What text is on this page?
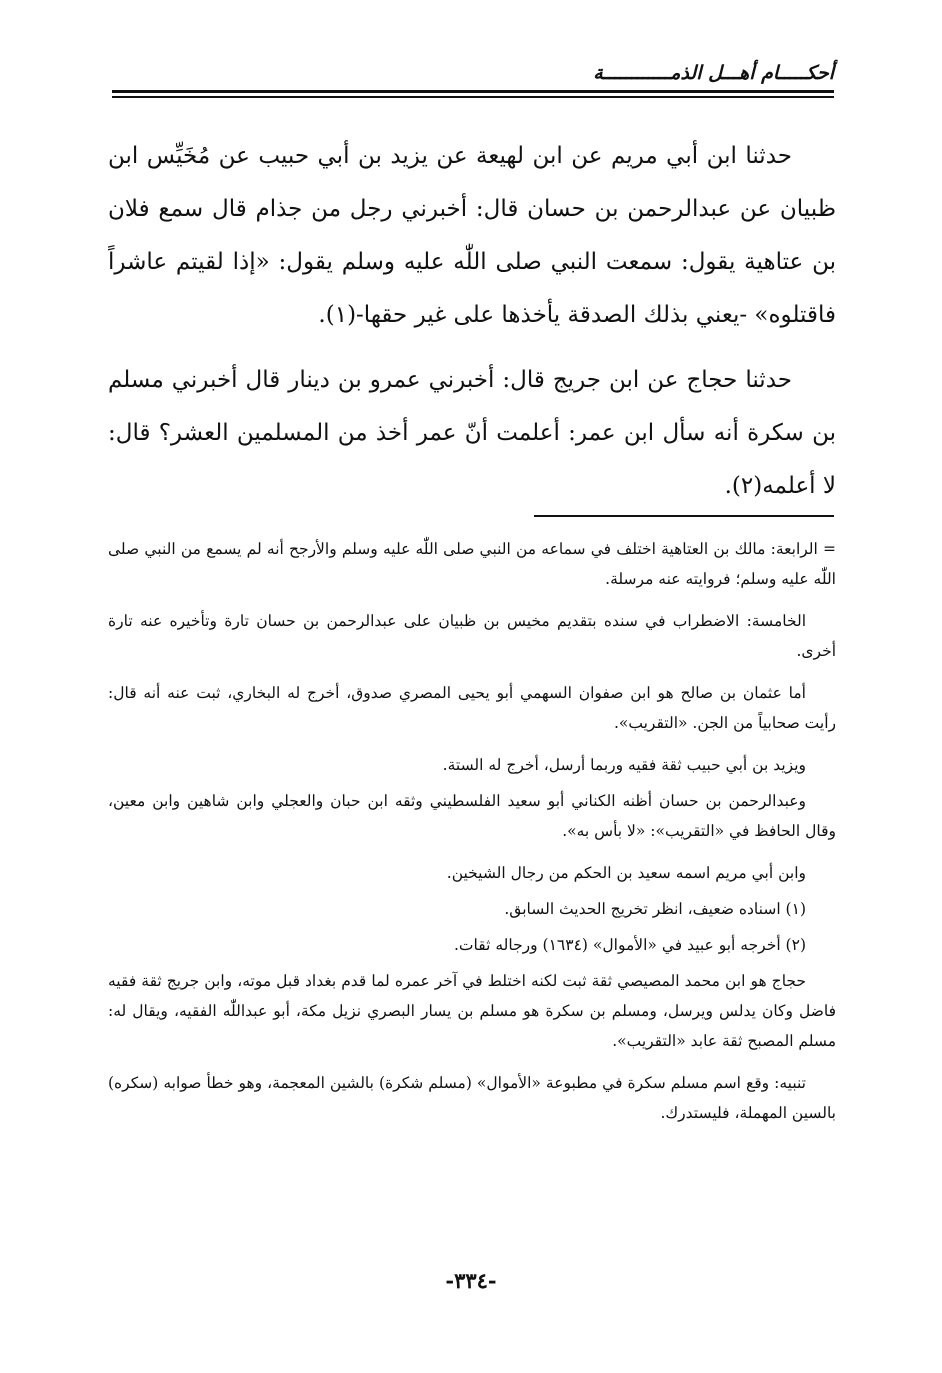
أحكـــــام أهـــل الذمــــــــــــة

حدثنا ابن أبي مريم عن ابن لهيعة عن يزيد بن أبي حبيب عن مُخَيِّس ابن ظبيان عن عبدالرحمن بن حسان قال: أخبرني رجل من جذام قال سمع فلان بن عتاهية يقول: سمعت النبي صلى اللّٰه عليه وسلم يقول: «إذا لقيتم عاشراً فاقتلوه» -يعني بذلك الصدقة يأخذها على غير حقها-(١).

حدثنا حجاج عن ابن جريج قال: أخبرني عمرو بن دينار قال أخبرني مسلم بن سكرة أنه سأل ابن عمر: أعلمت أنّ عمر أخذ من المسلمين العشر؟ قال: لا أعلمه(٢).

= الرابعة: مالك بن العتاهية اختلف في سماعه من النبي صلى اللّٰه عليه وسلم والأرجح أنه لم يسمع من النبي صلى اللّٰه عليه وسلم؛ فروايته عنه مرسلة.

الخامسة: الاضطراب في سنده بتقديم مخيس بن ظبيان على عبدالرحمن بن حسان تارة وتأخيره عنه تارة أخرى.

أما عثمان بن صالح هو ابن صفوان السهمي أبو يحيى المصري صدوق، أخرج له البخاري، ثبت عنه أنه قال: رأيت صحابياً من الجن. «التقريب».

ويزيد بن أبي حبيب ثقة فقيه وربما أرسل، أخرج له الستة.

وعبدالرحمن بن حسان أظنه الكناني أبو سعيد الفلسطيني وثقه ابن حبان والعجلي وابن شاهين وابن معين، وقال الحافظ في «التقريب»: «لا بأس به».

وابن أبي مريم اسمه سعيد بن الحكم من رجال الشيخين.

(١) اسناده ضعيف، انظر تخريج الحديث السابق.

(٢) أخرجه أبو عبيد في «الأموال» (١٦٣٤) ورجاله ثقات.

حجاج هو ابن محمد المصيصي ثقة ثبت لكنه اختلط في آخر عمره لما قدم بغداد قبل موته، وابن جريج ثقة فقيه فاضل وكان يدلس ويرسل، ومسلم بن سكرة هو مسلم بن يسار البصري نزيل مكة، أبو عبداللّٰه الفقيه، ويقال له: مسلم المصبح ثقة عابد «التقريب».

تنبيه: وقع اسم مسلم سكرة في مطبوعة «الأموال» (مسلم شكرة) بالشين المعجمة، وهو خطأ صوابه (سكره) بالسين المهملة، فليستدرك.

-٣٣٤-
